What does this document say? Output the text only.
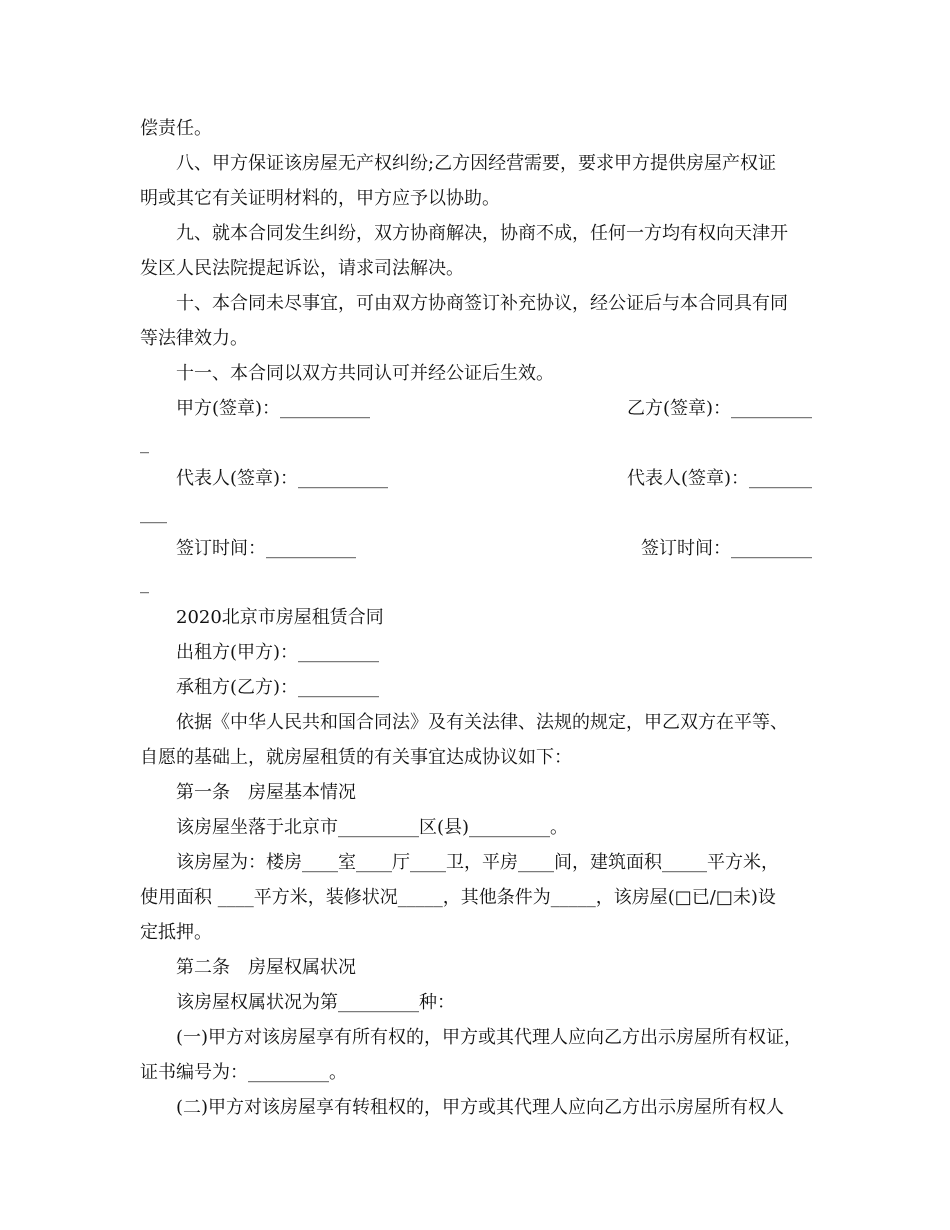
偿责任。
八、甲方保证该房屋无产权纠纷;乙方因经营需要，要求甲方提供房屋产权证
明或其它有关证明材料的，甲方应予以协助。
九、就本合同发生纠纷，双方协商解决，协商不成，任何一方均有权向天津开
发区人民法院提起诉讼，请求司法解决。
十、本合同未尽事宜，可由双方协商签订补充协议，经公证后与本合同具有同
等法律效力。
十一、本合同以双方共同认可并经公证后生效。
甲方(签章)：__________	乙方(签章)：_________
_
代表人(签章)：__________	代表人(签章)：_______
___
签订时间：__________	签订时间：_________
_
2020北京市房屋租赁合同
出租方(甲方)：_________
承租方(乙方)：_________
依据《中华人民共和国合同法》及有关法律、法规的规定，甲乙双方在平等、
自愿的基础上，就房屋租赁的有关事宜达成协议如下：
第一条　房屋基本情况
该房屋坐落于北京市_________区(县)_________。
该房屋为：楼房____室____厅____卫，平房____间，建筑面积_____平方米，
使用面积 ____平方米，装修状况_____，其他条件为_____，该房屋(□已/□未)设
定抵押。
第二条　房屋权属状况
该房屋权属状况为第_________种：
(一)甲方对该房屋享有所有权的，甲方或其代理人应向乙方出示房屋所有权证，
证书编号为：_________。
(二)甲方对该房屋享有转租权的，甲方或其代理人应向乙方出示房屋所有权人
